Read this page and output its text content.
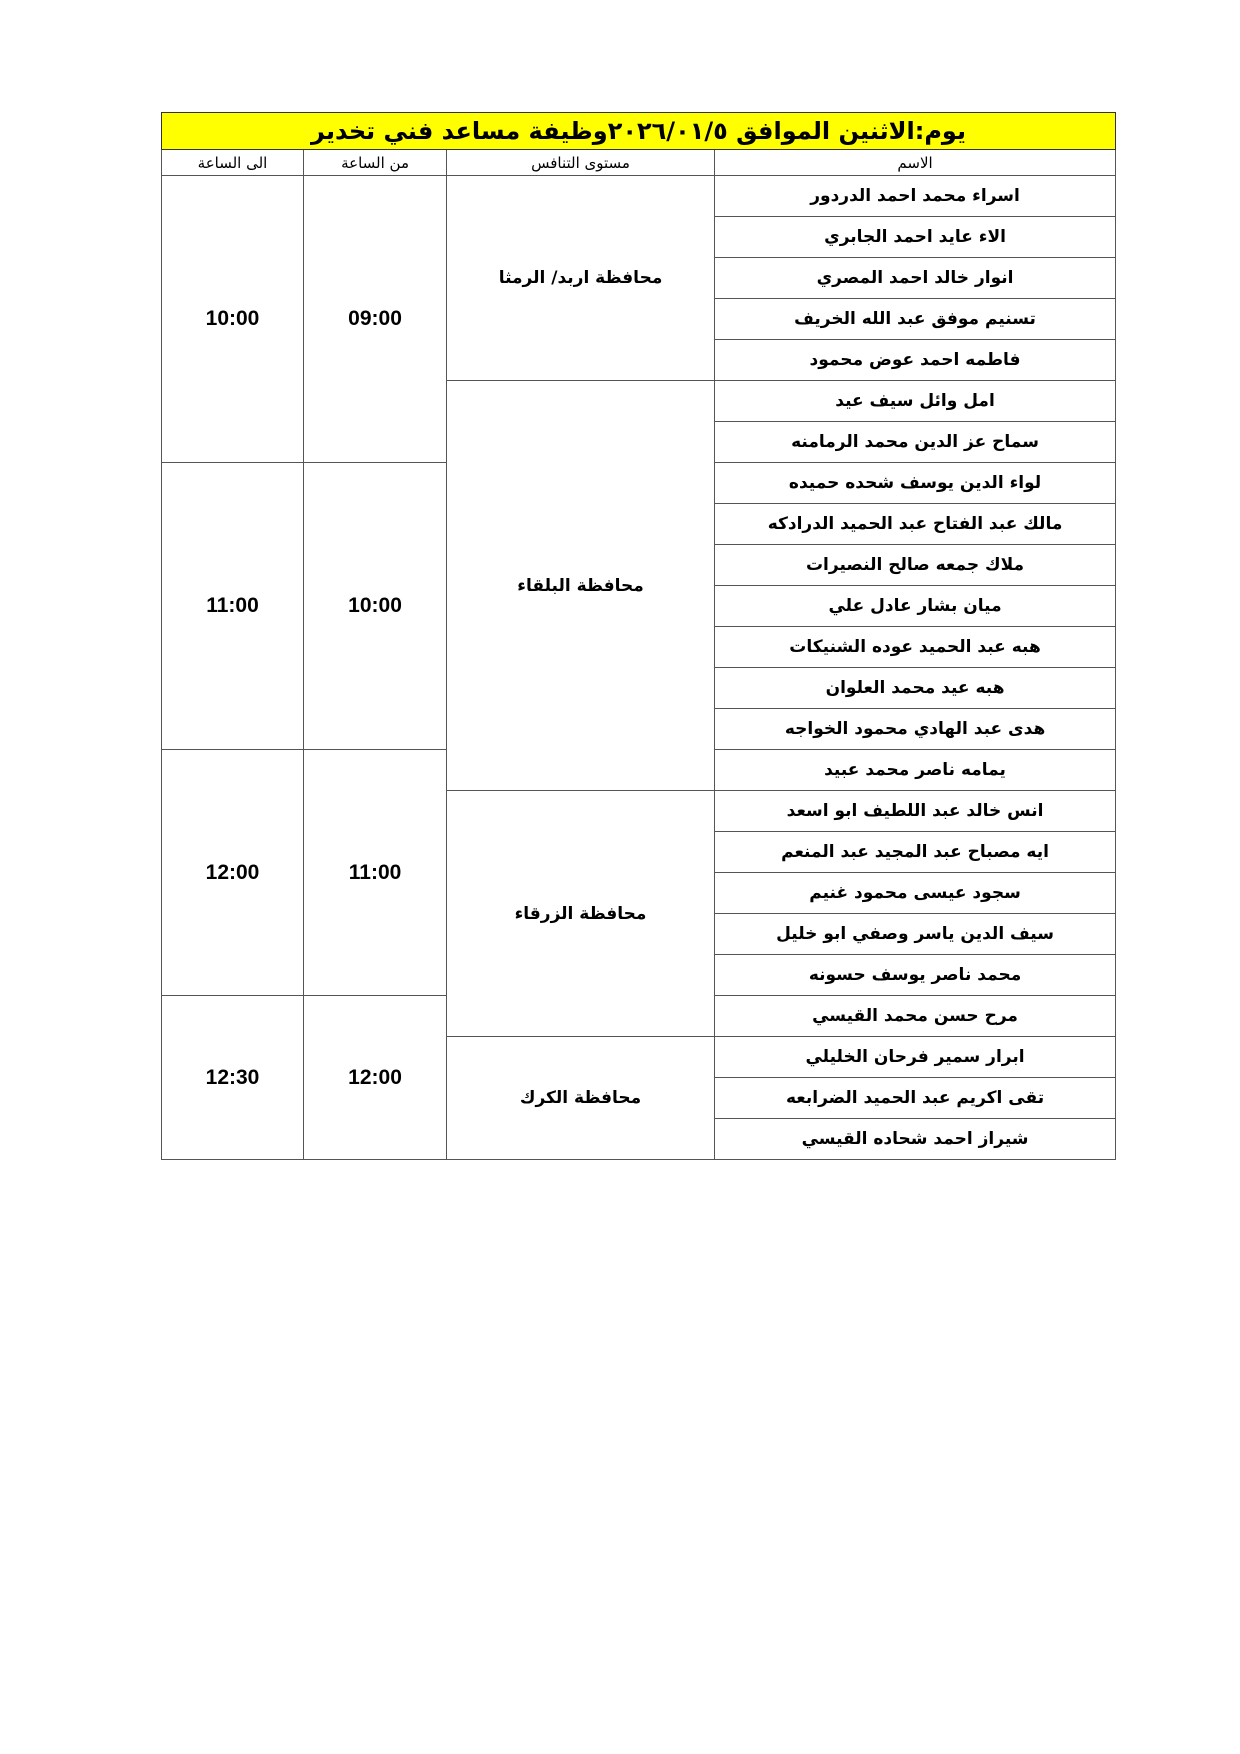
يوم:الاثنين الموافق ٢٠٢٦/٠١/٥وظيفة مساعد فني تخدير			
الاسم	مستوى التنافس	من الساعة	الى الساعة
اسراء محمد احمد الدردور	محافظة اربد/ الرمثا	09:00	10:00
الاء عايد احمد الجابري			
انوار خالد احمد المصري			
تسنيم موفق عبد الله الخريف			
فاطمه احمد عوض محمود			
امل وائل سيف عيد	محافظة البلقاء		
سماح عز الدين محمد الرمامنه			
لواء الدين يوسف شحده حميده		10:00	11:00
مالك عبد الفتاح عبد الحميد الدرادكه			
ملاك جمعه صالح النصيرات			
ميان بشار عادل علي			
هبه عبد الحميد عوده الشنيكات			
هبه عيد محمد العلوان			
هدى عبد الهادي محمود الخواجه			
يمامه ناصر محمد عبيد		11:00	12:00
انس خالد عبد اللطيف ابو اسعد	محافظة الزرقاء		
ايه مصباح عبد المجيد عبد المنعم			
سجود عيسى محمود غنيم			
سيف الدين ياسر وصفي ابو خليل			
محمد ناصر يوسف حسونه			
مرح حسن محمد القيسي		12:00	12:30
ابرار سمير فرحان الخليلي	محافظة الكرك		
تقى اكريم عبد الحميد الضرابعه			
شيراز احمد شحاده القيسي			
